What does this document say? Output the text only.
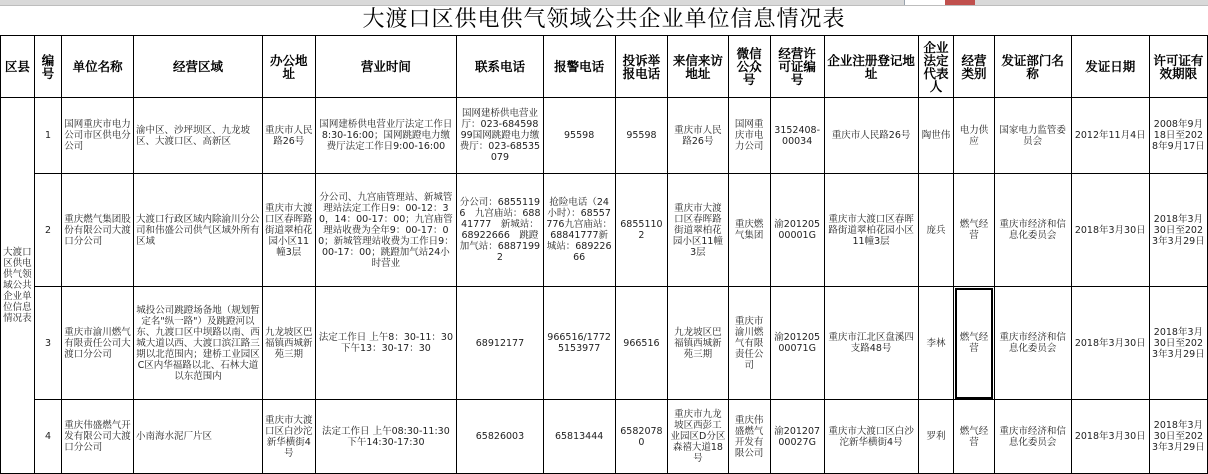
大渡口区供电供气领域公共企业单位信息情况表
区县	编号	单位名称	经营区域	办公地址	营业时间	联系电话	报警电话	投诉举报电话	来信来访地址	微信公众号	经营许可证编号	企业注册登记地址	企业法定代表人	经营类别	发证部门名称	发证日期	许可证有效期限
大渡口区供电供气领域公共企业单位信息情况表	1	国网重庆市电力公司市区供电分公司	渝中区、沙坪坝区、九龙坡区、大渡口区、高新区	重庆市人民路26号	国网建桥供电营业厅法定工作日8:30-16:00；国网跳蹬电力缴费厅法定工作日9:00-16:00	国网建桥供电营业厅：023-68459899国网跳蹬电力缴费厅：023-68535079	95598	95598	重庆市人民路26号	国网重庆市电力公司	3152408-00034	重庆市人民路26号	陶世伟	电力供应	国家电力监管委员会	2012年11月4日	2008年9月18日至2028年9月17日
	2	重庆燃气集团股份有限公司大渡口分公司	大渡口行政区域内除渝川分公司和伟盛公司供气区域外所有区域	重庆市大渡口区春晖路街道翠柏花园小区11幢3层	分公司、九宫庙管理站、新城管理站法定工作日9：00-12：30，14：00-17：00；九宫庙管理站收费为全年9：00-17：00；新城管理站收费为工作日9：00-17：00；跳蹬加气站24小时营业	分公司：68551196　九宫庙站：68841777　新城站：68922666　跳蹬加气站：68871992	抢险电话（24小时）：68557776九宫庙站：68841777新城站：68922666	68551102	重庆市大渡口区春晖路街道翠柏花园小区11幢3层	重庆燃气集团	渝20120500001G	重庆市大渡口区春晖路街道翠柏花园小区11幢3层	庞兵	燃气经营	重庆市经济和信息化委员会	2018年3月30日	2018年3月30日至2023年3月29日
	3	重庆市渝川燃气有限责任公司大渡口分公司	城投公司跳蹬场备地（规划暂定名"纵一路"）及跳蹬河以东、九渡口区中坝路以南、西城大道以西、大渡口滨江路三期以北范围内；建桥工业园区C区内华福路以北、石林大道以东范围内	九龙坡区巴福镇西城新苑三期	法定工作日 上午8：30-11：30 下午13：30-17：30	68912177	966516/17725153977	966516	九龙坡区巴福镇西城新苑三期	重庆市渝川燃气有限责任公司	渝20120500071G	重庆市江北区盘溪四支路48号	李林	燃气经营	重庆市经济和信息化委员会	2018年3月30日	2018年3月30日至2023年3月29日
	4	重庆伟盛燃气开发有限公司大渡口分公司	小南海水泥厂片区	重庆市大渡口区白沙沱新华横街4号	法定工作日 上午08:30-11:30 下午14:30-17:30	65826003	65813444	65820780	重庆市九龙坡区西彭工业园区D分区森禧大道18号	重庆伟盛燃气开发有限公司	渝20120700027G	重庆市大渡口区白沙沱新华横街4号	罗利	燃气经营	重庆市经济和信息化委员会	2018年3月30日	2018年3月30日至2023年3月29日
